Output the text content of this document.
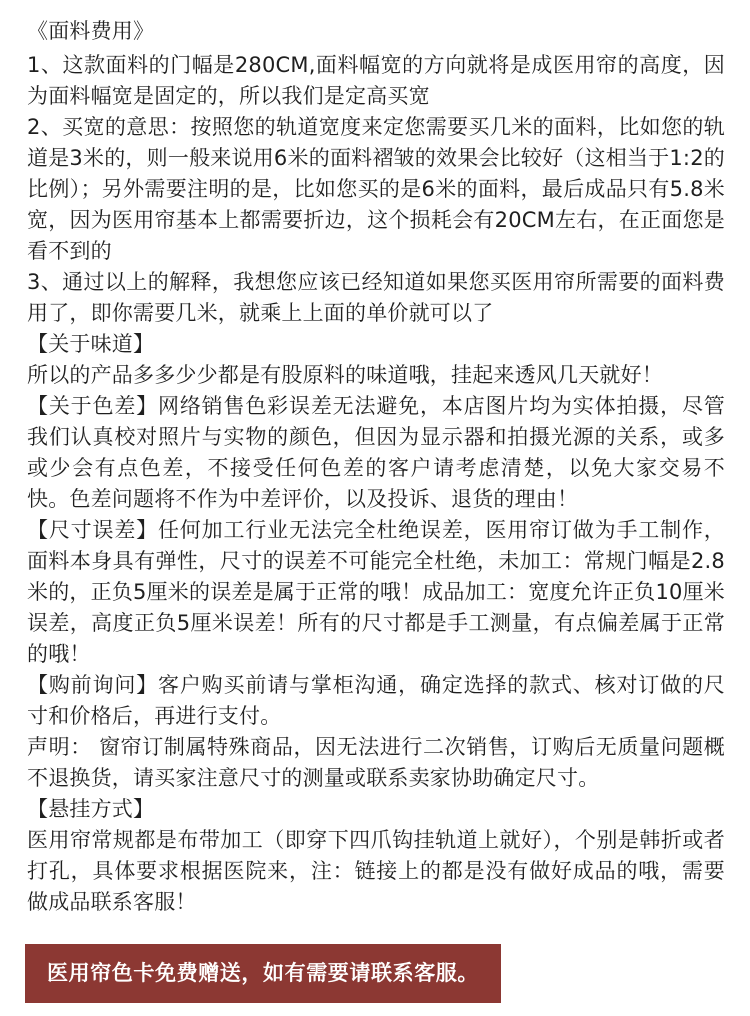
《面料费用》

1、这款面料的门幅是280CM,面料幅宽的方向就将是成医用帘的高度，因为面料幅宽是固定的，所以我们是定高买宽

2、买宽的意思：按照您的轨道宽度来定您需要买几米的面料，比如您的轨道是3米的，则一般来说用6米的面料褶皱的效果会比较好（这相当于1:2的比例）；另外需要注明的是，比如您买的是6米的面料，最后成品只有5.8米宽，因为医用帘基本上都需要折边，这个损耗会有20CM左右，在正面您是看不到的

3、通过以上的解释，我想您应该已经知道如果您买医用帘所需要的面料费用了，即你需要几米，就乘上上面的单价就可以了

【关于味道】

所以的产品多多少少都是有股原料的味道哦，挂起来透风几天就好！

【关于色差】网络销售色彩误差无法避免，本店图片均为实体拍摄，尽管我们认真校对照片与实物的颜色，但因为显示器和拍摄光源的关系，或多或少会有点色差，不接受任何色差的客户请考虑清楚，以免大家交易不快。色差问题将不作为中差评价，以及投诉、退货的理由！

【尺寸误差】任何加工行业无法完全杜绝误差，医用帘订做为手工制作，面料本身具有弹性，尺寸的误差不可能完全杜绝，未加工：常规门幅是2.8米的，正负5厘米的误差是属于正常的哦！成品加工：宽度允许正负10厘米误差，高度正负5厘米误差！所有的尺寸都是手工测量，有点偏差属于正常的哦！

【购前询问】客户购买前请与掌柜沟通，确定选择的款式、核对订做的尺寸和价格后，再进行支付。

声明： 窗帘订制属特殊商品，因无法进行二次销售，订购后无质量问题概不退换货，请买家注意尺寸的测量或联系卖家协助确定尺寸。

【悬挂方式】

医用帘常规都是布带加工（即穿下四爪钩挂轨道上就好），个别是韩折或者打孔，具体要求根据医院来，注：链接上的都是没有做好成品的哦，需要做成品联系客服！

医用帘色卡免费赠送，如有需要请联系客服。
